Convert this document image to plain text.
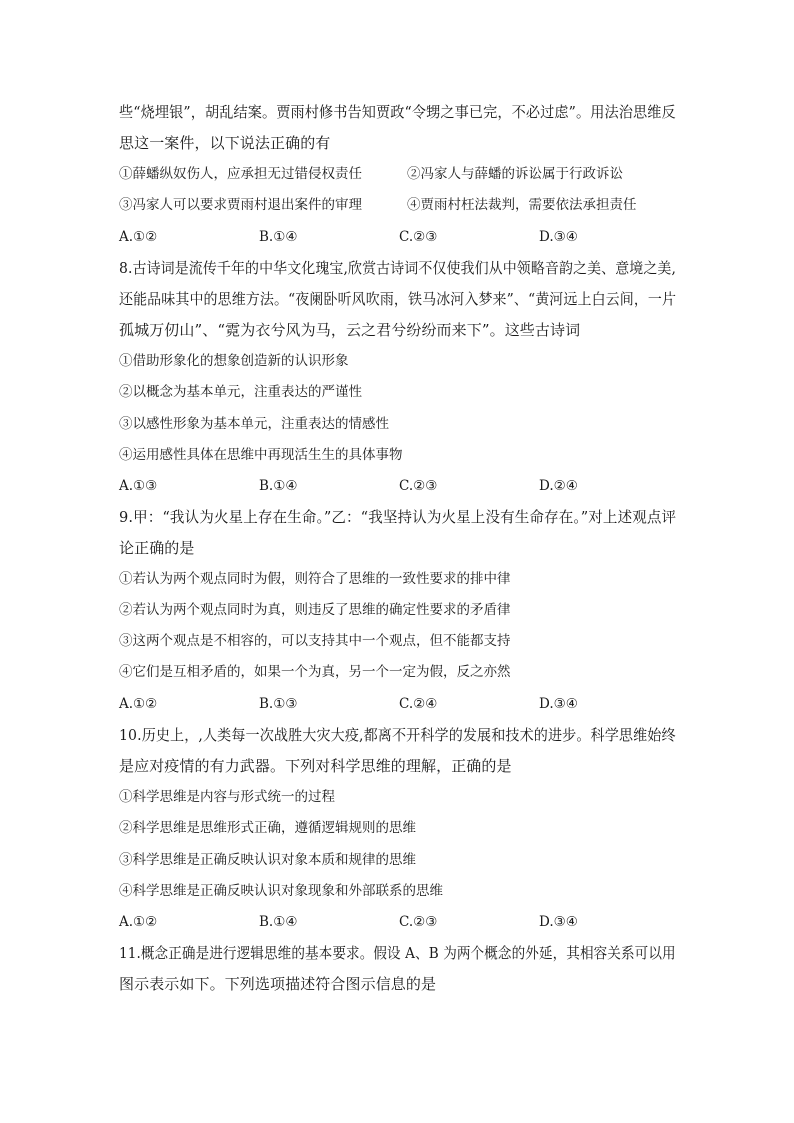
些“烧埋银”，胡乱结案。贾雨村修书告知贾政“令甥之事已完，不必过虑”。用法治思维反
思这一案件，以下说法正确的有
①薛蟠纵奴伤人，应承担无过错侵权责任	②冯家人与薛蟠的诉讼属于行政诉讼
③冯家人可以要求贾雨村退出案件的审理	④贾雨村枉法裁判，需要依法承担责任
A.①②	B.①④	C.②③	D.③④
8.古诗词是流传千年的中华文化瑰宝,欣赏古诗词不仅使我们从中领略音韵之美、意境之美,
还能品味其中的思维方法。“夜阑卧听风吹雨，铁马冰河入梦来”、“黄河远上白云间，一片
孤城万仞山”、“霓为衣兮风为马，云之君兮纷纷而来下”。这些古诗词
①借助形象化的想象创造新的认识形象
②以概念为基本单元，注重表达的严谨性
③以感性形象为基本单元，注重表达的情感性
④运用感性具体在思维中再现活生生的具体事物
A.①③	B.①④	C.②③	D.②④
9.甲：“我认为火星上存在生命。”乙：“我坚持认为火星上没有生命存在。”对上述观点评
论正确的是
①若认为两个观点同时为假，则符合了思维的一致性要求的排中律
②若认为两个观点同时为真，则违反了思维的确定性要求的矛盾律
③这两个观点是不相容的，可以支持其中一个观点，但不能都支持
④它们是互相矛盾的，如果一个为真，另一个一定为假，反之亦然
A.①②	B.①③	C.②④	D.③④
10.历史上，,人类每一次战胜大灾大疫,都离不开科学的发展和技术的进步。科学思维始终
是应对疫情的有力武器。下列对科学思维的理解，正确的是
①科学思维是内容与形式统一的过程
②科学思维是思维形式正确，遵循逻辑规则的思维
③科学思维是正确反映认识对象本质和规律的思维
④科学思维是正确反映认识对象现象和外部联系的思维
A.①②	B.①④	C.②③	D.③④
11.概念正确是进行逻辑思维的基本要求。假设 A、B 为两个概念的外延，其相容关系可以用
图示表示如下。下列选项描述符合图示信息的是
